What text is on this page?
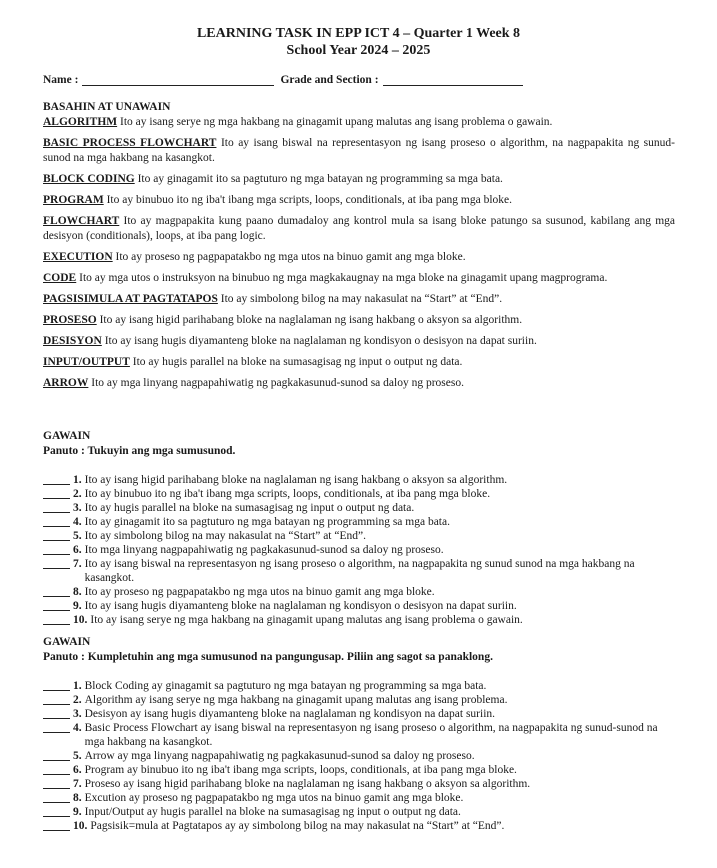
LEARNING TASK IN EPP ICT 4 – Quarter 1 Week 8
School Year 2024 – 2025
Name :	Grade and Section :
BASAHIN AT UNAWAIN
ALGORITHM Ito ay isang serye ng mga hakbang na ginagamit upang malutas ang isang problema o gawain.
BASIC PROCESS FLOWCHART Ito ay isang biswal na representasyon ng isang proseso o algorithm, na nagpapakita ng sunud-sunod na mga hakbang na kasangkot.
BLOCK CODING Ito ay ginagamit ito sa pagtuturo ng mga batayan ng programming sa mga bata.
PROGRAM Ito ay binubuo ito ng iba't ibang mga scripts, loops, conditionals, at iba pang mga bloke.
FLOWCHART Ito ay magpapakita kung paano dumadaloy ang kontrol mula sa isang bloke patungo sa susunod, kabilang ang mga desisyon (conditionals), loops, at iba pang logic.
EXECUTION Ito ay proseso ng pagpapatakbo ng mga utos na binuo gamit ang mga bloke.
CODE Ito ay mga utos o instruksyon na binubuo ng mga magkakaugnay na mga bloke na ginagamit upang magprograma.
PAGSISIMULA AT PAGTATAPOS Ito ay simbolong bilog na may nakasulat na “Start” at “End”.
PROSESO Ito ay isang higid parihabang bloke na naglalaman ng isang hakbang o aksyon sa algorithm.
DESISYON Ito ay isang hugis diyamanteng bloke na naglalaman ng kondisyon o desisyon na dapat suriin.
INPUT/OUTPUT Ito ay hugis parallel na bloke na sumasagisag ng input o output ng data.
ARROW Ito ay mga linyang nagpapahiwatig ng pagkakasunud-sunod sa daloy ng proseso.
GAWAIN
Panuto : Tukuyin ang mga sumusunod.
1. Ito ay isang higid parihabang bloke na naglalaman ng isang hakbang o aksyon sa algorithm.
2. Ito ay binubuo ito ng iba't ibang mga scripts, loops, conditionals, at iba pang mga bloke.
3. Ito ay hugis parallel na bloke na sumasagisag ng input o output ng data.
4. Ito ay ginagamit ito sa pagtuturo ng mga batayan ng programming sa mga bata.
5. Ito ay simbolong bilog na may nakasulat na “Start” at “End”.
6. Ito mga linyang nagpapahiwatig ng pagkakasunud-sunod sa daloy ng proseso.
7. Ito ay isang biswal na representasyon ng isang proseso o algorithm, na nagpapakita ng sunud sunod na mga hakbang na kasangkot.
8. Ito ay proseso ng pagpapatakbo ng mga utos na binuo gamit ang mga bloke.
9. Ito ay isang hugis diyamanteng bloke na naglalaman ng kondisyon o desisyon na dapat suriin.
10. Ito ay isang serye ng mga hakbang na ginagamit upang malutas ang isang problema o gawain.
GAWAIN
Panuto : Kumpletuhin ang mga sumusunod na pangungusap. Piliin ang sagot sa panaklong.
1. Block Coding ay ginagamit sa pagtuturo ng mga batayan ng programming sa mga bata.
2. Algorithm ay isang serye ng mga hakbang na ginagamit upang malutas ang isang problema.
3. Desisyon ay isang hugis diyamanteng bloke na naglalaman ng kondisyon na dapat suriin.
4. Basic Process Flowchart ay isang biswal na representasyon ng isang proseso o algorithm, na nagpapakita ng sunud-sunod na mga hakbang na kasangkot.
5. Arrow ay mga linyang nagpapahiwatig ng pagkakasunud-sunod sa daloy ng proseso.
6. Program ay binubuo ito ng iba't ibang mga scripts, loops, conditionals, at iba pang mga bloke.
7. Proseso ay isang higid parihabang bloke na naglalaman ng isang hakbang o aksyon sa algorithm.
8. Excution ay proseso ng pagpapatakbo ng mga utos na binuo gamit ang mga bloke.
9. Input/Output ay hugis parallel na bloke na sumasagisag ng input o output ng data.
10. Pagsisik=mula at Pagtatapos ay ay simbolong bilog na may nakasulat na “Start” at “End”.
